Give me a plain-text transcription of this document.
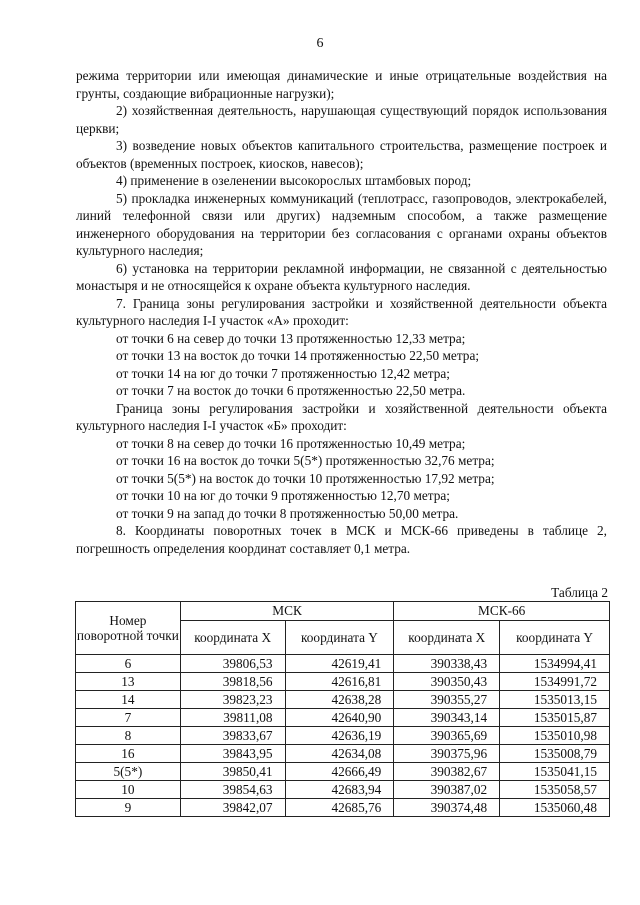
6

режима территории или имеющая динамические и иные отрицательные воздействия на грунты, создающие вибрационные нагрузки);

2) хозяйственная деятельность, нарушающая существующий порядок использования церкви;

3) возведение новых объектов капитального строительства, размещение построек и объектов (временных построек, киосков, навесов);

4) применение в озеленении высокорослых штамбовых пород;

5) прокладка инженерных коммуникаций (теплотрасс, газопроводов, электрокабелей, линий телефонной связи или других) надземным способом, а также размещение инженерного оборудования на территории без согласования с органами охраны объектов культурного наследия;

6) установка на территории рекламной информации, не связанной с деятельностью монастыря и не относящейся к охране объекта культурного наследия.

7. Граница зоны регулирования застройки и хозяйственной деятельности объекта культурного наследия I-I участок «А» проходит:

от точки 6 на север до точки 13 протяженностью 12,33 метра;

от точки 13 на восток до точки 14 протяженностью 22,50 метра;

от точки 14 на юг до точки 7 протяженностью 12,42 метра;

от точки 7 на восток до точки 6 протяженностью 22,50 метра.

Граница зоны регулирования застройки и хозяйственной деятельности объекта культурного наследия I-I участок «Б» проходит:

от точки 8 на север до точки 16 протяженностью 10,49 метра;

от точки 16 на восток до точки 5(5*) протяженностью 32,76 метра;

от точки 5(5*) на восток до точки 10 протяженностью 17,92 метра;

от точки 10 на юг до точки 9 протяженностью 12,70 метра;

от точки 9 на запад до точки 8 протяженностью 50,00 метра.

8. Координаты поворотных точек в МСК и МСК-66 приведены в таблице 2, погрешность определения координат составляет 0,1 метра.

Таблица 2
Номер поворотной точки	МСК		МСК-66	
	координата X	координата Y	координата X	координата Y
6	39806,53	42619,41	390338,43	1534994,41
13	39818,56	42616,81	390350,43	1534991,72
14	39823,23	42638,28	390355,27	1535013,15
7	39811,08	42640,90	390343,14	1535015,87
8	39833,67	42636,19	390365,69	1535010,98
16	39843,95	42634,08	390375,96	1535008,79
5(5*)	39850,41	42666,49	390382,67	1535041,15
10	39854,63	42683,94	390387,02	1535058,57
9	39842,07	42685,76	390374,48	1535060,48
